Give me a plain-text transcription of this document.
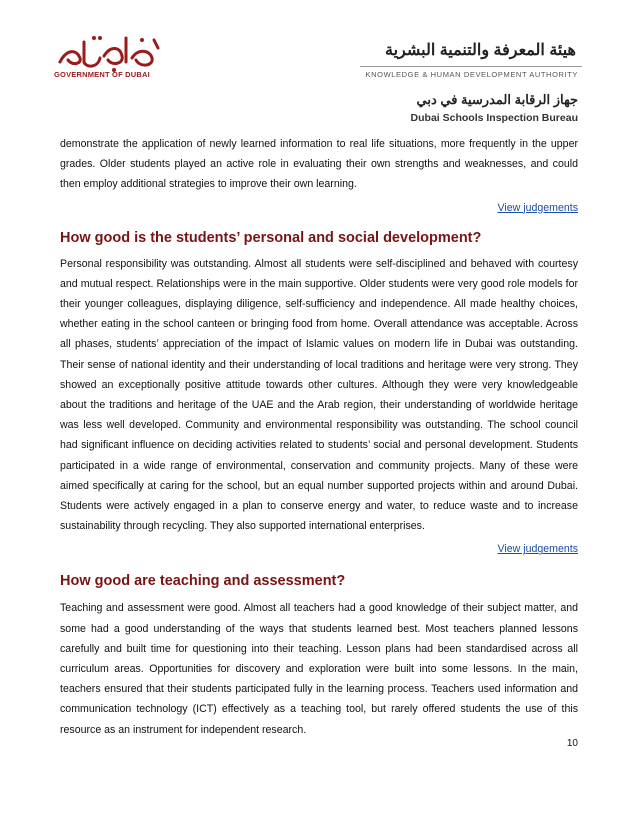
GOVERNMENT OF DUBAI
هيئة المعرفة والتنمية البشرية
KNOWLEDGE & HUMAN DEVELOPMENT AUTHORITY
جهاز الرقابة المدرسية في دبي
Dubai Schools Inspection Bureau

demonstrate the application of newly learned information to real life situations, more frequently in the upper grades. Older students played an active role in evaluating their own strengths and weaknesses, and could then employ additional strategies to improve their own learning.

View judgements
How good is the students’ personal and social development?

Personal responsibility was outstanding. Almost all students were self-disciplined and behaved with courtesy and mutual respect. Relationships were in the main supportive. Older students were very good role models for their younger colleagues, displaying diligence, self-sufficiency and independence. All made healthy choices, whether eating in the school canteen or bringing food from home. Overall attendance was acceptable. Across all phases, students’ appreciation of the impact of Islamic values on modern life in Dubai was outstanding. Their sense of national identity and their understanding of local traditions and heritage were very strong. They showed an exceptionally positive attitude towards other cultures. Although they were very knowledgeable about the traditions and heritage of the UAE and the Arab region, their understanding of worldwide heritage was less well developed. Community and environmental responsibility was outstanding. The school council had significant influence on deciding activities related to students’ social and personal development. Students participated in a wide range of environmental, conservation and community projects. Many of these were aimed specifically at caring for the school, but an equal number supported projects within and around Dubai. Students were actively engaged in a plan to conserve energy and water, to reduce waste and to increase sustainability through recycling. They also supported international enterprises.

View judgements
How good are teaching and assessment?

Teaching and assessment were good. Almost all teachers had a good knowledge of their subject matter, and some had a good understanding of the ways that students learned best. Most teachers planned lessons carefully and built time for questioning into their teaching. Lesson plans had been standardised across all curriculum areas. Opportunities for discovery and exploration were built into some lessons. In the main, teachers ensured that their students participated fully in the learning process. Teachers used information and communication technology (ICT) effectively as a teaching tool, but rarely offered students the use of this resource as an instrument for independent research.

10
